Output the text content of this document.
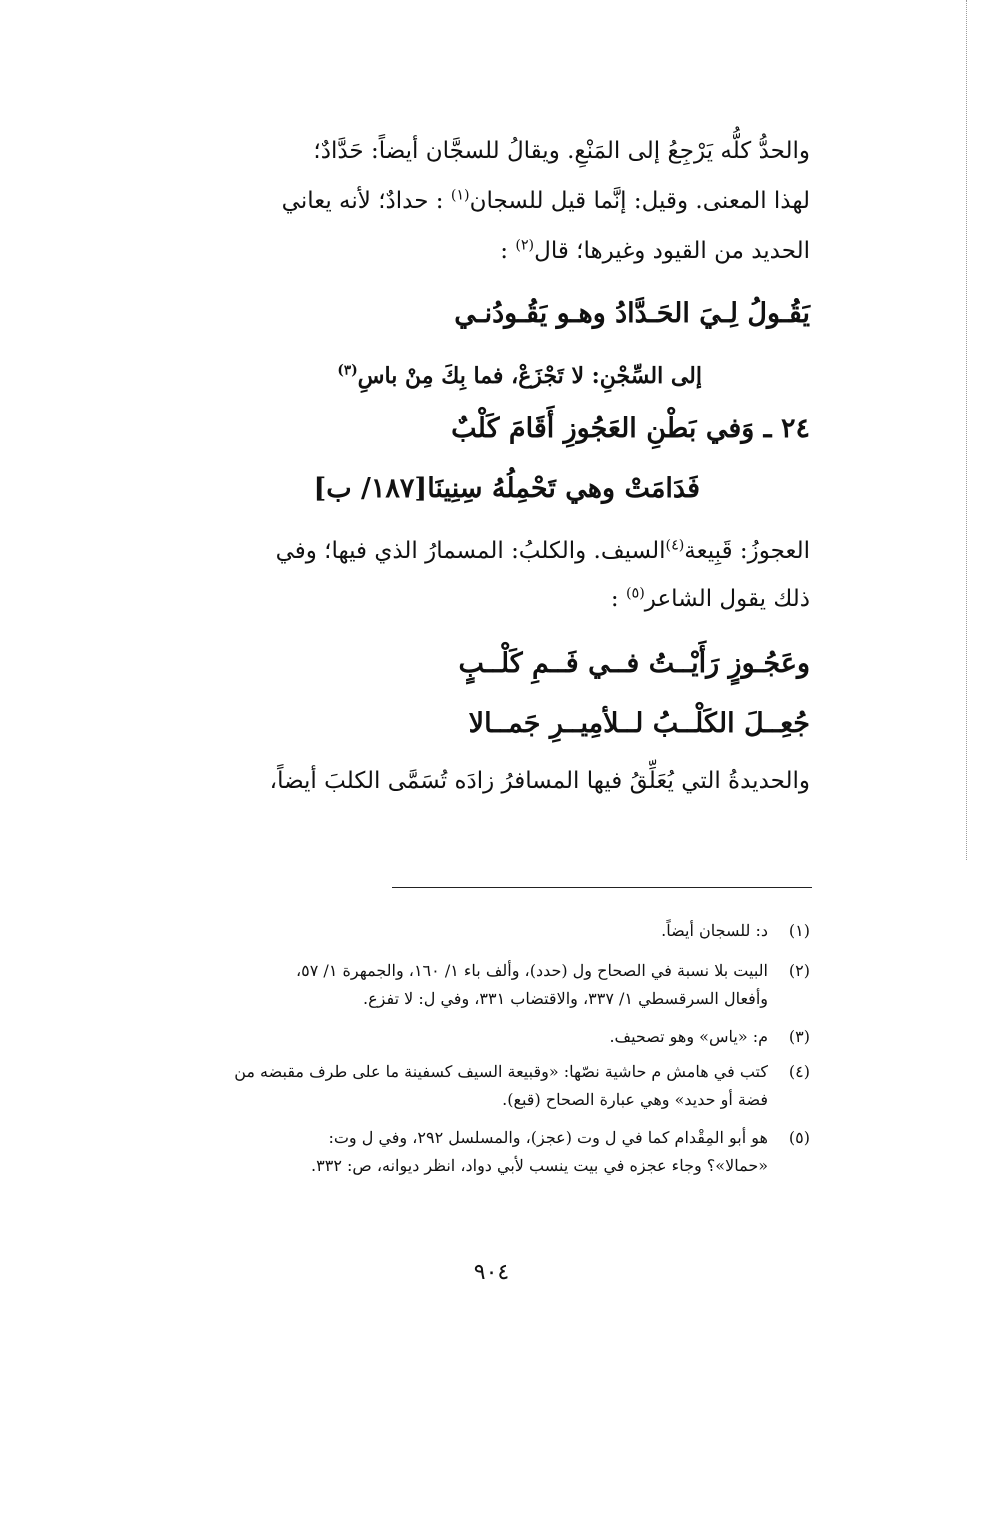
والحدُّ كلُّه يَرْجِعُ إلى المَنْعِ. ويقالُ للسجَّان أيضاً: حَدَّادٌ؛
لهذا المعنى. وقيل: إنَّما قيل للسجان$^{(١)}$ : حدادٌ؛ لأنه يعاني
الحديد من القيود وغيرها؛ قال$^{(٢)}$ :
يَقُـولُ لِـيَ الحَـدَّادُ وهـو يَقُـودُنـي
إلى السِّجْنِ: لا تَجْزَعْ، فما بِكَ مِنْ باسِ$^{(٣)}$
٢٤ ـ وَفي بَطْنِ العَجُوزِ أَقَامَ كَلْبٌ
فَدَامَتْ وهي تَحْمِلُهُ سِنِينَا[١٨٧/ ب]
العجوزُ: قَبِيعة$^{(٤)}$السيف. والكلبُ: المسمارُ الذي فيها؛ وفي
ذلك يقول الشاعر$^{(٥)}$ :
وعَجُـوزٍ رَأَيْــتُ فــي فَــمِ كَلْــبٍ
جُعِــلَ الكَلْــبُ لــلأمِيــرِ جَمــالا
والحديدةُ التي يُعَلِّقُ فيها المسافرُ زادَه تُسَمَّى الكلبَ أيضاً،
(١)د: للسجان أيضاً.
(٢)البيت بلا نسبة في الصحاح ول (حدد)، وألف باء ١/ ١٦٠، والجمهرة ١/ ٥٧،
وأفعال السرقسطي ١/ ٣٣٧، والاقتضاب ٣٣١، وفي ل: لا تفزع.
(٣)م: «ياس» وهو تصحيف.
(٤)كتب في هامش م حاشية نصّها: «وقبيعة السيف كسفينة ما على طرف مقبضه من
فضة أو حديد» وهي عبارة الصحاح (قبع).
(٥)هو أبو المِقْدام كما في ل وت (عجز)، والمسلسل ٢٩٢، وفي ل وت:
«حمالا»؟ وجاء عجزه في بيت ينسب لأبي دواد، انظر ديوانه، ص: ٣٣٢.
٩٠٤
